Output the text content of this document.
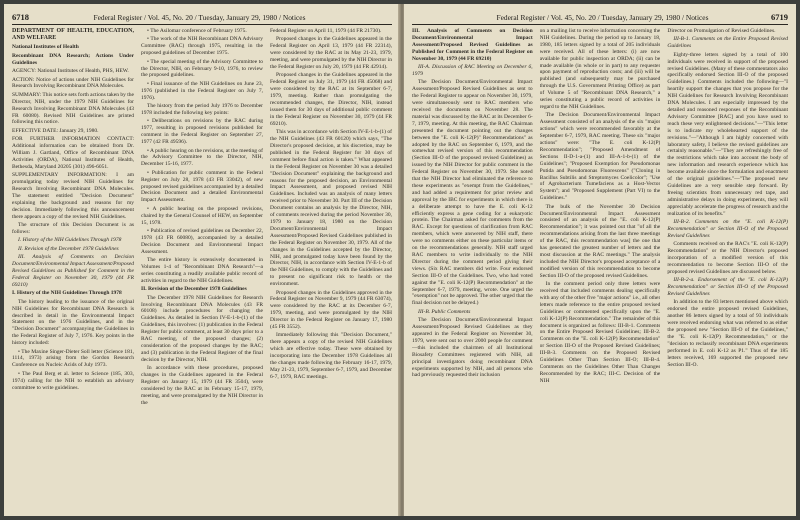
6718	Federal Register / Vol. 45, No. 20 / Tuesday, January 29, 1980 / Notices

DEPARTMENT OF HEALTH, EDUCATION, AND WELFARE

National Institutes of Health

Recombinant DNA Research; Actions Under Guidelines

AGENCY: National Institutes of Health, PHS, HEW.

ACTION: Notice of actions under NIH Guidelines for Research Involving Recombinant DNA Molecules.

SUMMARY: This notice sets forth actions taken by the Director, NIH, under the 1979 NIH Guidelines for Research Involving Recombinant DNA Molecules (43 FR 60080). Revised NIH Guidelines are printed following this notice.

EFFECTIVE DATE: January 29, 1980.

FOR FURTHER INFORMATION CONTACT: Additional information can be obtained from Dr. William J. Gartland, Office of Recombinant DNA Activities (ORDA), National Institutes of Health, Bethesda, Maryland 20205 (301) 496-6051.

SUPPLEMENTARY INFORMATION: I am promulgating today revised NIH Guidelines for Research Involving Recombinant DNA Molecules. The statement entitled "Decision Document" explaining the background and reasons for my decision. Immediately following this announcement there appears a copy of the revised NIH Guidelines.

The structure of this Decision Document is as follows:

I. History of the NIH Guidelines Through 1978

II. Revision of the December 1978 Guidelines

III. Analysis of Comments on Decision Document/Environmental Impact Assessment/Proposed Revised Guidelines as Published for Comment in the Federal Register on November 30, 1979 (44 FR 69210)

I. History of the NIH Guidelines Through 1978

The history leading to the issuance of the original NIH Guidelines for Recombinant DNA Research is described in detail in the Environmental Impact Statement on the 1976 Guidelines, and in the "Decision Document" accompanying the Guidelines in the Federal Register of July 7, 1976. Key points in the history included:

• The Maxine Singer-Dieter Soll letter (Science 181, 1114, 1973) arising from the Gordon Research Conference on Nucleic Acids of July 1973.

• The Paul Berg et al. letter to Science (185, 303, 1974) calling for the NIH to establish an advisory committee to write guidelines.

• The Asilomar conference of February 1975.

• The work of the NIH Recombinant DNA Advisory Committee (RAC) through 1975, resulting in the proposed guidelines of December 1975.

• The special meeting of the Advisory Committee to the Director, NIH, on February 9-10, 1976, to review the proposed guidelines.

• Final issuance of the NIH Guidelines on June 23, 1976 (published in the Federal Register on July 7, 1976).

The history from the period July 1976 to December 1978 included the following key points:

• Deliberations on revisions by the RAC during 1977, resulting in proposed revisions published for comment in the Federal Register on September 27, 1977 (42 FR 49596).

• A public hearing on the revisions, at the meeting of the Advisory Committee to the Director, NIH, December 15-16, 1977.

• Publication for public comment in the Federal Register on July 28, 1978 (43 FR 33042), of new proposed revised guidelines accompanied by a detailed Decision Document and a detailed Environmental Impact Assessment.

• A public hearing on the proposed revisions, chaired by the General Counsel of HEW, on September 15, 1978.

• Publication of revised guidelines on December 22, 1978 (43 FR 60080), accompanied by a detailed Decision Document and Environmental Impact Assessment.

The entire history is extensively documented in Volumes 1-4 of "Recombinant DNA Research"—a series constituting a readily available public record of activities in regard to the NIH Guidelines.

II. Revision of the December 1978 Guidelines

The December 1978 NIH Guidelines for Research Involving Recombinant DNA Molecules (43 FR 60108) include procedures for changing the Guidelines. As detailed in Section IV-E-1-b-(1) of the Guidelines, this involves: (1) publication in the Federal Register for public comment, at least 30 days prior to a RAC meeting, of the proposed changes; (2) consideration of the proposed changes by the RAC; and (3) publication in the Federal Register of the final decision by the Director, NIH.

In accordance with these procedures, proposed changes in the Guidelines appeared in the Federal Register on January 15, 1979 (44 FR 3504), were considered by the RAC at its February 15-17, 1979, meeting, and were promulgated by the NIH Director in the

Federal Register on April 11, 1979 (44 FR 21730).

Proposed changes in the Guidelines appeared in the Federal Register on April 13, 1979 (44 FR 22314), were considered by the RAC at its May 21-23, 1979, meeting, and were promulgated by the NIH Director in the Federal Register on July 20, 1979 (44 FR 42914).

Proposed changes in the Guidelines appeared in the Federal Register on July 31, 1979 (44 FR 45068) and were considered by the RAC at its September 6-7, 1979, meeting. Rather than promulgating the recommended changes, the Director, NIH, instead issued them for 30 days of additional public comment in the Federal Register on November 30, 1979 (44 FR 69210).

This was in accordance with Section IV-E-1-b-(1) of the NIH Guidelines (43 FR 60120) which says, "The Director's proposed decision, at his discretion, may be published in the Federal Register for 30 days of comment before final action is taken." What appeared in the Federal Register on November 30 was a detailed "Decision Document" explaining the background and reasons for the proposed decision, an Environmental Impact Assessment, and proposed revised NIH Guidelines. Included was an analysis of many letters received prior to November 30. Part III of the Decision Document contains an analysis by the Director, NIH, of comments received during the period November 30, 1979 to January 18, 1980 on the Decision Document/Environmental Impact Assessment/Proposed Revised Guidelines published in the Federal Register on November 30, 1979. All of the changes in the Guidelines accepted by the Director, NIH, and promulgated today have been found by the Director, NIH, in accordance with Section IV-E-1-b of the NIH Guidelines, to comply with the Guidelines and to present no significant risk to health or the environment.

Proposed changes in the Guidelines approved in the Federal Register on November 9, 1979 (44 FR 63074), were considered by the RAC at its December 6-7, 1979, meeting, and were promulgated by the NIH Director in the Federal Register on January 17, 1980 (45 FR 3552).

Immediately following this "Decision Document," there appears a copy of the revised NIH Guidelines which are effective today. These were obtained by incorporating into the December 1978 Guidelines all the changes made following the February 16-17, 1979, May 21-23, 1979, September 6-7, 1979, and December 6-7, 1979, RAC meetings.

Federal Register / Vol. 45, No. 20 / Tuesday, January 29, 1980 / Notices	6719

III. Analysis of Comments on Decision Document/Environmental Impact Assessment/Proposed Revised Guidelines as Published for Comment in the Federal Register on November 30, 1979 (44 FR 69210)

III-A. Discussion of RAC Meeting on December 6, 1979

The Decision Document/Environmental Impact Assessment/Proposed Revised Guidelines as sent to the Federal Register to appear on November 30, 1979, were simultaneously sent to RAC members who received the documents on November 28. The material was discussed by the RAC at its December 6-7, 1979, meeting. At this meeting, the RAC Chairman presented the document pointing out the changes between the "E. coli K-12(P)" Recommendations" as adopted by the RAC on September 6, 1979, and the somewhat revised version of this recommendation (Section III-O of the proposed revised Guidelines) as issued by the NIH Director for public comment in the Federal Register on November 30, 1979. She noted that the NIH Director had eliminated the reference to these experiments as "exempt from the Guidelines," and had added a requirement for prior review and approval by the IBC for experiments in which there is a deliberate attempt to have the E. coli K-12 efficiently express a gene coding for a eukaryotic protein. The Chairman asked for comments from the RAC. Except for questions of clarification from RAC members, which were answered by NIH staff, there were no comments either on these particular items or on the recommendations generally. NIH staff urged RAC members to write individually to the NIH Director during the comment period giving their views. (Six RAC members did write. Four endorsed Section III-O of the Guidelines. Two, who had voted against the "E. coli K-12(P) Recommendation" at the September 6-7, 1979, meeting, wrote. One urged the "exemption" not be approved. The other urged that the final decision not be delayed.)

III-B. Public Comments

The Decision Document/Environmental Impact Assessment/Proposed Revised Guidelines as they appeared in the Federal Register on November 30, 1979, were sent out to over 2000 people for comment—this included the chairmen of all Institutional Biosafety Committees registered with NIH, all principal investigators doing recombinant DNA experiments supported by NIH, and all persons who had previously requested their inclusion

on a mailing list to receive information concerning the NIH Guidelines. During the period up to January 18, 1980, 185 letters signed by a total of 205 individuals were received. All of these letters: (i) are now available for public inspection at ORDA; (ii) can be made available (in whole or in part) to any requester upon payment of reproduction costs; and (iii) will be published (and subsequently may be purchased through the U.S. Government Printing Office) as part of Volume 5 of "Recombinant DNA Research," a series constituting a public record of activities in regard to the NIH Guidelines.

The Decision Document/Environmental Impact Assessment consisted of an analysis of the six "major actions" which were recommended favorably at the September 6-7, 1979, RAC meeting. These six "major actions" were: "The E. coli K-12(P) Recommendation"; "Proposed Amendment of Sections II-D-1-a-(1) and III-A-1-b-(1) of the Guidelines"; "Proposed Exemption for Pseudomonas Putida and Pseudomonas Fluorescens" ("Cloning in Bacillus Subtilis and Streptomyces Coelicolor"; "Use of Agrobacterium Tumefaciens as a Host-Vector System"; and "Proposed Supplement (Part VI) to the Guidelines."

The bulk of the November 30 Decision Document/Environmental Impact Assessment consisted of an analysis of the "E. coli K-12(P) Recommendation"; it was pointed out that "of all the recommendations arising from the last three meetings of the RAC, this recommendation was] the one that has generated the greatest number of letters and the most discussion at the RAC meetings." The analysis included the NIH Director's proposed acceptance of a modified version of this recommendation to become Section III-O of the proposed revised Guidelines.

In the comment period only three letters were received that included comments dealing specifically with any of the other five "major actions" i.e., all other letters made reference to the entire proposed revised Guidelines or commented specifically upon the "E. coli K-12(P) Recommendation." The remainder of this document is organized as follows: III-B-1. Comments on the Entire Proposed Revised Guidelines; III-B-2. Comments on the "E. coli K-12(P) Recommendation" or Section III-O of the Proposed Revised Guidelines; III-B-3. Comments on the Proposed Revised Guidelines Other Than Section III-O; III-B-4. Comments on the Guidelines Other Than Changes Recommended by the RAC; III-C. Decision of the NIH

Director on Promulgation of Revised Guidelines.

III-B-1. Comments on the Entire Proposed Revised Guidelines

Eighty-three letters signed by a total of 100 individuals were received in support of the proposed revised Guidelines. (Many of these commentators also specifically endorsed Section III-O of the proposed Guidelines.) Comments included the following—"I heartily support the changes that you propose for the NIH Guidelines for Research Involving Recombinant DNA Molecules. I am especially impressed by the detailed and reasoned responses of the Recombinant Advisory Committee [RAC] and you have used to reach these very enlightened decisions."—"This letter is to indicate my wholehearted support of the revisions."—"Although I am highly concerned with laboratory safety, I believe the revised guidelines are certainly reasonable."—"They are refreshingly free of the restrictions which take into account the body of new information and research experience which has become available since the formulation and enactment of the original guidelines."—"The proposed new Guidelines are a very sensible step forward. By freeing scientists from unnecessary red tape, and administrative delays in doing experiments, they will appreciably accelerate the progress of research and the realization of its benefits."

III-B-2. Comments on the "E. coli K-12(P) Recommendation" or Section III-O of the Proposed Revised Guidelines

Comments received on the RAC's "E. coli K-12(P) Recommendation" or the NIH Director's proposed incorporation of a modified version of this recommendation to become Section III-O of the proposed revised Guidelines are discussed below.

III-B-2-a. Endorsement of the "E. coli K-12(P) Recommendation" or Section III-O of the Proposed Revised Guidelines

In addition to the 83 letters mentioned above which endorsed the entire proposed revised Guidelines, another 86 letters signed by a total of 93 individuals were received endorsing what was referred to as either the proposed new "Section III-O of the Guidelines," the "E. coli K-12(P) Recommendation," or the "decision to reclassify recombinant DNA experiments performed in E. coli K-12 as P1." Thus of the 185 letters received, 169 supported the proposed new Section III-O.
